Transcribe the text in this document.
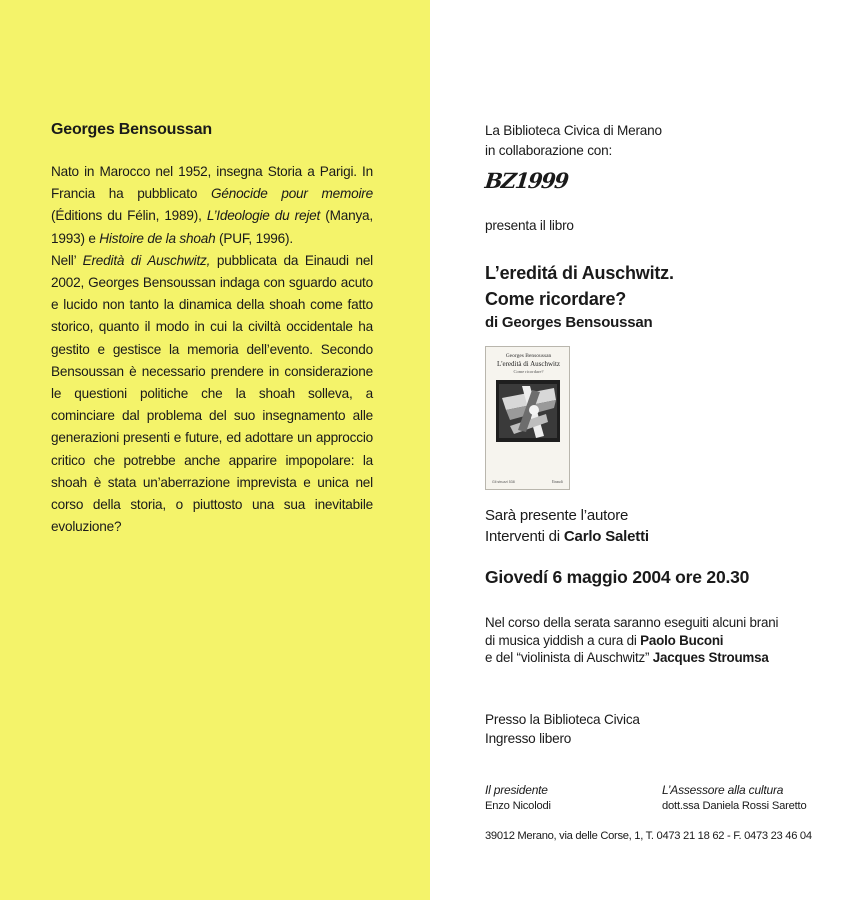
Georges Bensoussan

Nato in Marocco nel 1952, insegna Storia a Parigi. In Francia ha pubblicato Génocide pour memoire (Éditions du Félin, 1989), L’Ideologie du rejet (Manya, 1993) e Histoire de la shoah (PUF, 1996).

Nell’ Eredità di Auschwitz, pubblicata da Einaudi nel 2002, Georges Bensoussan indaga con sguardo acuto e lucido non tanto la dinamica della shoah come fatto storico, quanto il modo in cui la civiltà occidentale ha gestito e gestisce la memoria dell’evento. Secondo Bensoussan è necessario prendere in considerazione le questioni politiche che la shoah solleva, a cominciare dal problema del suo insegnamento alle generazioni presenti e future, ed adottare un approccio critico che potrebbe anche apparire impopolare: la shoah è stata un’aberrazione imprevista e unica nel corso della storia, o piuttosto una sua inevitabile evoluzione?

La Biblioteca Civica di Merano
in collaborazione con:
BZ1999
presenta il libro
L’ereditá di Auschwitz.
Come ricordare?
di Georges Bensoussan
Georges Bensoussan
L'eredità di Auschwitz
Come ricordare?
Gli struzzi 538	Einaudi
Sarà presente l’autore
Interventi di Carlo Saletti
Giovedí 6 maggio 2004 ore 20.30
Nel corso della serata saranno eseguiti alcuni brani
di musica yiddish a cura di Paolo Buconi
e del “violinista di Auschwitz” Jacques Stroumsa
Presso la Biblioteca Civica
Ingresso libero
Il presidente
Enzo Nicolodi
L’Assessore alla cultura
dott.ssa Daniela Rossi Saretto
39012 Merano, via delle Corse, 1, T. 0473 21 18 62 - F. 0473 23 46 04
